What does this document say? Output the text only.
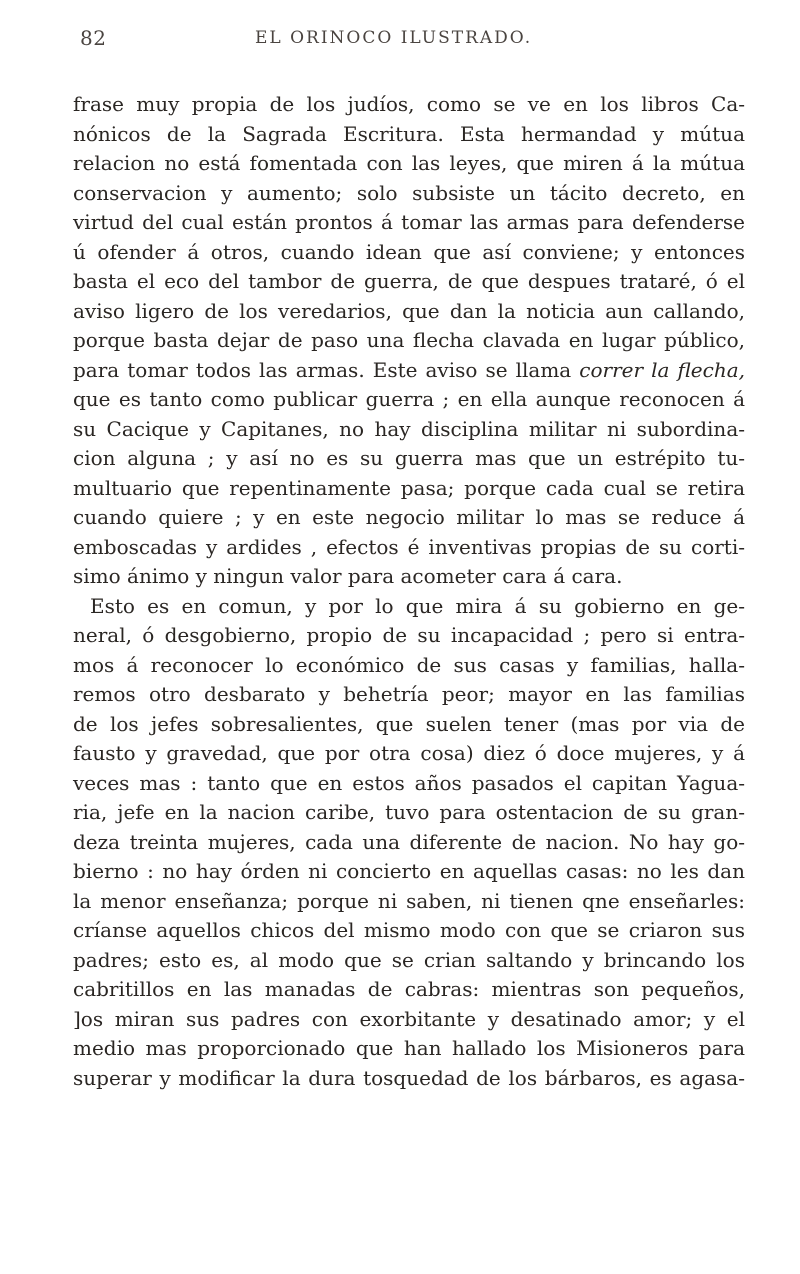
82	EL ORINOCO ILUSTRADO.
frase muy propia de los judíos, como se ve en los libros Ca-
nónicos de la Sagrada Escritura. Esta hermandad y mútua
relacion no está fomentada con las leyes, que miren á la mútua
conservacion y aumento; solo subsiste un tácito decreto, en
virtud del cual están prontos á tomar las armas para defenderse
ú ofender á otros, cuando idean que así conviene; y entonces
basta el eco del tambor de guerra, de que despues trataré, ó el
aviso ligero de los veredarios, que dan la noticia aun callando,
porque basta dejar de paso una flecha clavada en lugar público,
para tomar todos las armas. Este aviso se llama correr la flecha,
que es tanto como publicar guerra ; en ella aunque reconocen á
su Cacique y Capitanes, no hay disciplina militar ni subordina-
cion alguna ; y así no es su guerra mas que un estrépito tu-
multuario que repentinamente pasa; porque cada cual se retira
cuando quiere ; y en este negocio militar lo mas se reduce á
emboscadas y ardides , efectos é inventivas propias de su corti-
simo ánimo y ningun valor para acometer cara á cara.
Esto es en comun, y por lo que mira á su gobierno en ge-
neral, ó desgobierno, propio de su incapacidad ; pero si entra-
mos á reconocer lo económico de sus casas y familias, halla-
remos otro desbarato y behetría peor; mayor en las familias
de los jefes sobresalientes, que suelen tener (mas por via de
fausto y gravedad, que por otra cosa) diez ó doce mujeres, y á
veces mas : tanto que en estos años pasados el capitan Yagua-
ria, jefe en la nacion caribe, tuvo para ostentacion de su gran-
deza treinta mujeres, cada una diferente de nacion. No hay go-
bierno : no hay órden ni concierto en aquellas casas: no les dan
la menor enseñanza; porque ni saben, ni tienen qne enseñarles:
críanse aquellos chicos del mismo modo con que se criaron sus
padres; esto es, al modo que se crian saltando y brincando los
cabritillos en las manadas de cabras: mientras son pequeños,
]os miran sus padres con exorbitante y desatinado amor; y el
medio mas proporcionado que han hallado los Misioneros para
superar y modificar la dura tosquedad de los bárbaros, es agasa-
